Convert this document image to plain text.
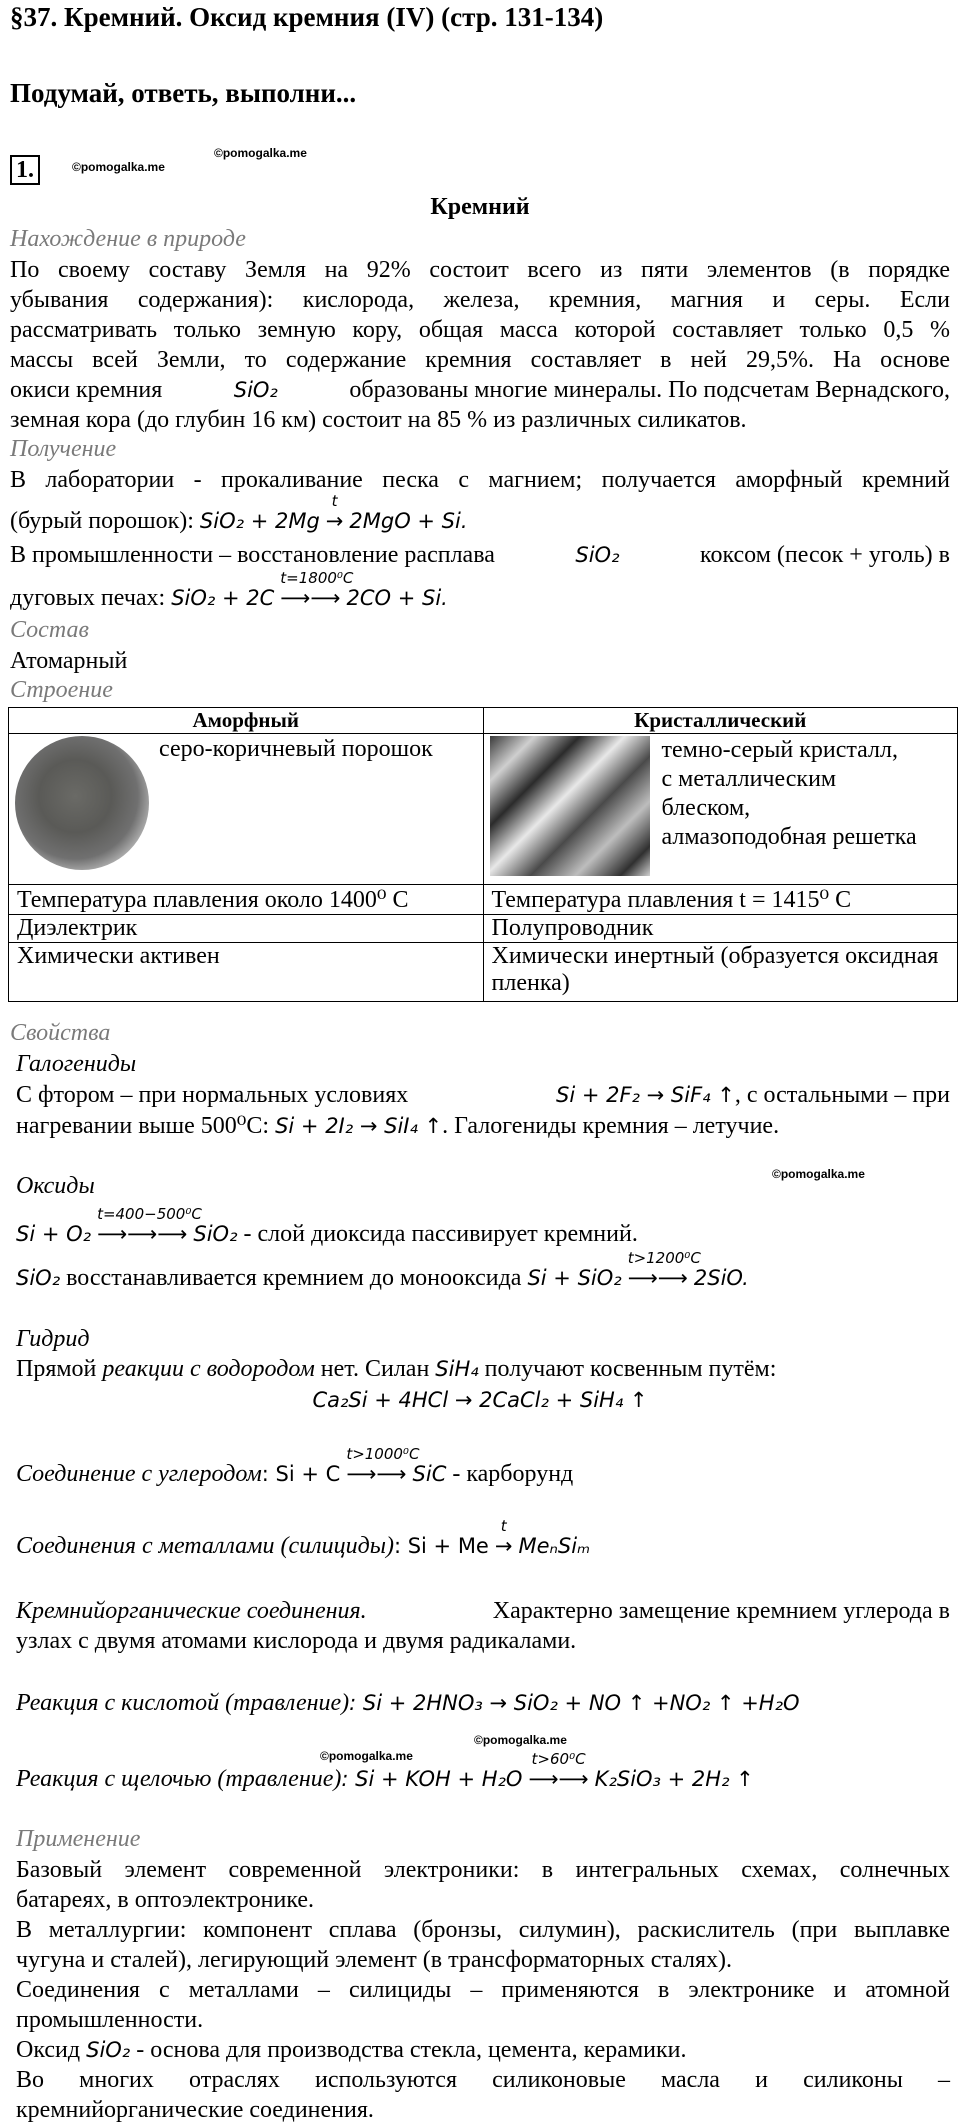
§37. Кремний. Оксид кремния (IV) (стр. 131-134)
Подумай, ответь, выполни...
1.	©pomogalka.me
©pomogalka.me
Кремний
Нахождение в природе
По своему составу Земля на 92% состоит всего из пяти элементов (в порядке
убывания содержания): кислорода, железа, кремния, магния и серы. Если
рассматривать только земную кору, общая масса которой составляет только 0,5 %
массы всей Земли, то содержание кремния составляет в ней 29,5%. На основе
окиси кремния	SiO₂	образованы многие минералы. По подсчетам Вернадского,
земная кора (до глубин 16 км) состоит на 85 % из различных силикатов.
Получение
В лаборатории - прокаливание песка с магнием; получается аморфный кремний
(бурый порошок): SiO₂ + 2Mg
t
→ 2MgO + Si.
В промышленности – восстановление расплава	SiO₂	коксом (песок + уголь) в
дуговых печах: SiO₂ + 2C
t=1800⁰C
⟶⟶ 2CO + Si.
Состав
Атомарный
Строение
Аморфный	Кристаллический

серо-коричневый порошок	темно-серый кристалл,
с металлическим
блеском,
алмазоподобная решетка

Температура плавления около 1400⁰ C	Температура плавления t = 1415⁰ C
Диэлектрик	Полупроводник
Химически активен	Химически инертный (образуется оксидная пленка)
Свойства
Галогениды
С фтором – при нормальных условиях	Si + 2F₂ → SiF₄ ↑, с остальными – при
нагревании выше 500⁰С: Si + 2I₂ → SiI₄ ↑. Галогениды кремния – летучие.
Оксиды	©pomogalka.me
Si + O₂
t=400−500⁰C
⟶⟶⟶ SiO₂ - слой диоксида пассивирует кремний.
SiO₂ восстанавливается кремнием до монооксида Si + SiO₂
t>1200⁰C
⟶⟶ 2SiO.
Гидрид
Прямой реакции с водородом нет. Силан SiH₄ получают косвенным путём:
Ca₂Si + 4HCl → 2CaCl₂ + SiH₄ ↑
Соединение с углеродом: Si + C
t>1000⁰C
⟶⟶ SiC - карборунд
Соединения с металлами (силициды): Si + Me
t
→ MeₙSiₘ
Кремнийорганические соединения.	Характерно замещение кремнием углерода в
узлах с двумя атомами кислорода и двумя радикалами.
Реакция с кислотой (травление): Si + 2HNO₃ → SiO₂ + NO ↑ +NO₂ ↑ +H₂O
©pomogalka.me
©pomogalka.me
Реакция с щелочью (травление): Si + KOH + H₂O
t>60⁰C
⟶⟶ K₂SiO₃ + 2H₂ ↑
Применение
Базовый элемент современной электроники: в интегральных схемах, солнечных
батареях, в оптоэлектронике.
В металлургии: компонент сплава (бронзы, силумин), раскислитель (при выплавке
чугуна и сталей), легирующий элемент (в трансформаторных сталях).
Соединения с металлами – силициды – применяются в электронике и атомной
промышленности.
Оксид SiO₂ - основа для производства стекла, цемента, керамики.
Во многих отраслях используются силиконовые масла и силиконы –
кремнийорганические соединения.
